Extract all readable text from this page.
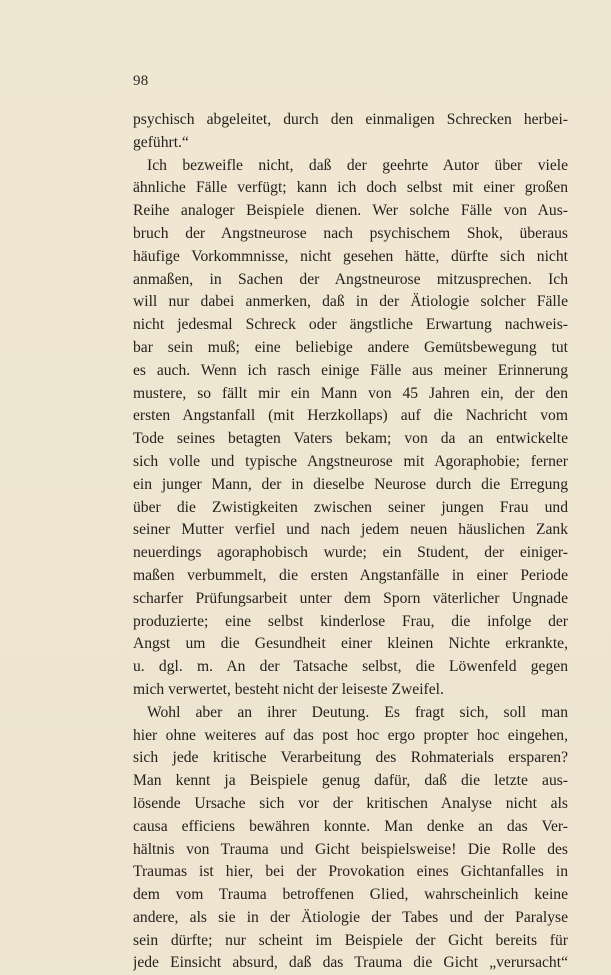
98
psychisch abgeleitet, durch den einmaligen Schrecken herbei-
geführt.“
Ich bezweifle nicht, daß der geehrte Autor über viele
ähnliche Fälle verfügt; kann ich doch selbst mit einer großen
Reihe analoger Beispiele dienen. Wer solche Fälle von Aus-
bruch der Angstneurose nach psychischem Shok, überaus
häufige Vorkommnisse, nicht gesehen hätte, dürfte sich nicht
anmaßen, in Sachen der Angstneurose mitzusprechen. Ich
will nur dabei anmerken, daß in der Ätiologie solcher Fälle
nicht jedesmal Schreck oder ängstliche Erwartung nachweis-
bar sein muß; eine beliebige andere Gemütsbewegung tut
es auch. Wenn ich rasch einige Fälle aus meiner Erinnerung
mustere, so fällt mir ein Mann von 45 Jahren ein, der den
ersten Angstanfall (mit Herzkollaps) auf die Nachricht vom
Tode seines betagten Vaters bekam; von da an entwickelte
sich volle und typische Angstneurose mit Agoraphobie; ferner
ein junger Mann, der in dieselbe Neurose durch die Erregung
über die Zwistigkeiten zwischen seiner jungen Frau und
seiner Mutter verfiel und nach jedem neuen häuslichen Zank
neuerdings agoraphobisch wurde; ein Student, der einiger-
maßen verbummelt, die ersten Angstanfälle in einer Periode
scharfer Prüfungsarbeit unter dem Sporn väterlicher Ungnade
produzierte; eine selbst kinderlose Frau, die infolge der
Angst um die Gesundheit einer kleinen Nichte erkrankte,
u. dgl. m. An der Tatsache selbst, die Löwenfeld gegen
mich verwertet, besteht nicht der leiseste Zweifel.
Wohl aber an ihrer Deutung. Es fragt sich, soll man
hier ohne weiteres auf das post hoc ergo propter hoc eingehen,
sich jede kritische Verarbeitung des Rohmaterials ersparen?
Man kennt ja Beispiele genug dafür, daß die letzte aus-
lösende Ursache sich vor der kritischen Analyse nicht als
causa efficiens bewähren konnte. Man denke an das Ver-
hältnis von Trauma und Gicht beispielsweise! Die Rolle des
Traumas ist hier, bei der Provokation eines Gichtanfalles in
dem vom Trauma betroffenen Glied, wahrscheinlich keine
andere, als sie in der Ätiologie der Tabes und der Paralyse
sein dürfte; nur scheint im Beispiele der Gicht bereits für
jede Einsicht absurd, daß das Trauma die Gicht „verursacht“
